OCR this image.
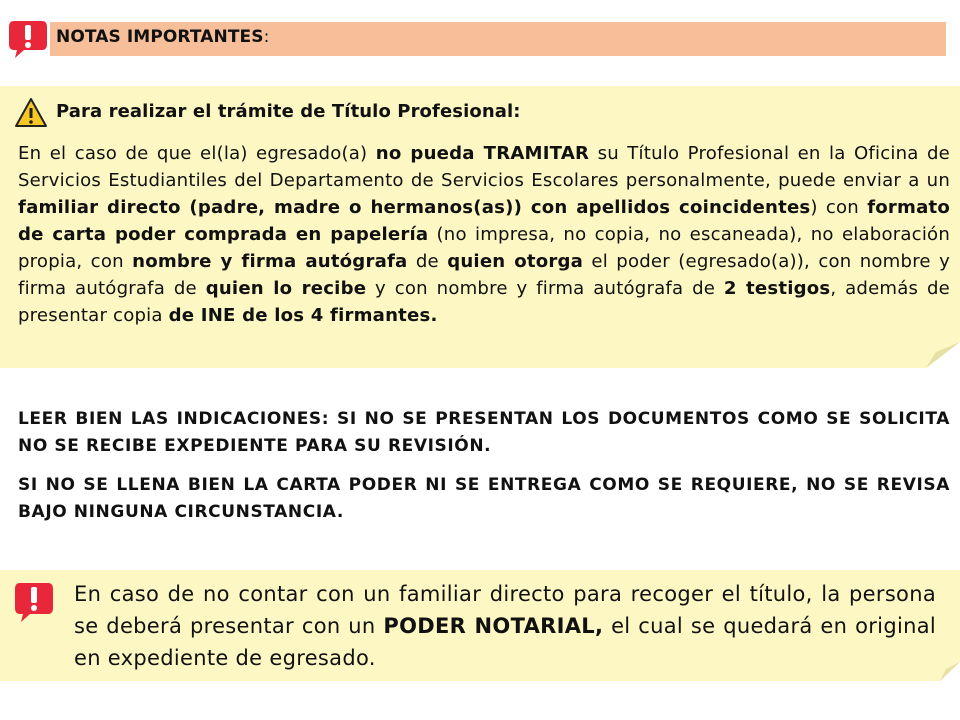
NOTAS IMPORTANTES:
Para realizar el trámite de Título Profesional:
En el caso de que el(la) egresado(a) no pueda TRAMITAR su Título Profesional en la Oficina de Servicios Estudiantiles del Departamento de Servicios Escolares personalmente, puede enviar a un familiar directo (padre, madre o hermanos(as)) con apellidos coincidentes) con formato de carta poder comprada en papelería (no impresa, no copia, no escaneada), no elaboración propia, con nombre y firma autógrafa de quien otorga el poder (egresado(a)), con nombre y firma autógrafa de quien lo recibe y con nombre y firma autógrafa de 2 testigos, además de presentar copia de INE de los 4 firmantes.
LEER BIEN LAS INDICACIONES: SI NO SE PRESENTAN LOS DOCUMENTOS COMO SE SOLICITA NO SE RECIBE EXPEDIENTE PARA SU REVISIÓN.
SI NO SE LLENA BIEN LA CARTA PODER NI SE ENTREGA COMO SE REQUIERE, NO SE REVISA BAJO NINGUNA CIRCUNSTANCIA.
En caso de no contar con un familiar directo para recoger el título, la persona se deberá presentar con un PODER NOTARIAL, el cual se quedará en original en expediente de egresado.
